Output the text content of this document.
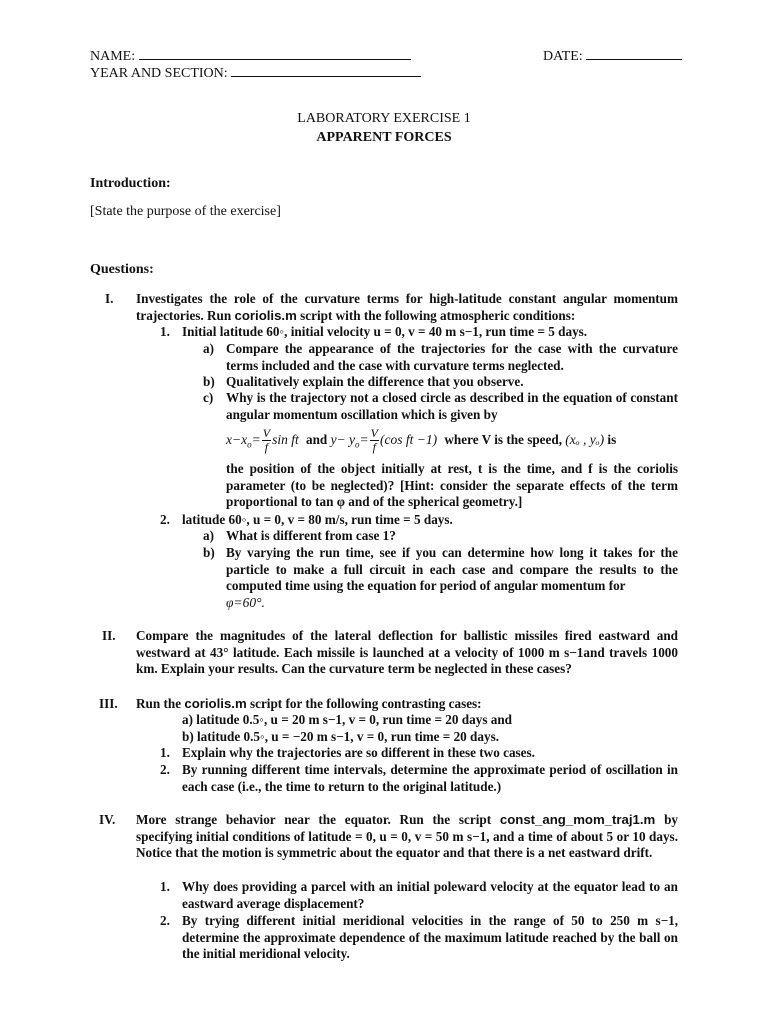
NAME:	DATE:
YEAR AND SECTION:
LABORATORY EXERCISE 1
APPARENT FORCES
Introduction:
[State the purpose of the exercise]
Questions:
I. Investigates the role of the curvature terms for high-latitude constant angular momentum trajectories. Run coriolis.m script with the following atmospheric conditions:
1. Initial latitude 60◦, initial velocity u = 0, v = 40 m s−1, run time = 5 days.
a) Compare the appearance of the trajectories for the case with the curvature terms included and the case with curvature terms neglected.
b) Qualitatively explain the difference that you observe.
c) Why is the trajectory not a closed circle as described in the equation of constant angular momentum oscillation which is given by
$x-x_o= \frac{V}{f}$ sin ft and $y- y_o= \frac{V}{f} (\cos$ ft −1) where V is the speed, (xₒ , yₒ) is
the position of the object initially at rest, t is the time, and f is the coriolis parameter (to be neglected)? [Hint: consider the separate effects of the term proportional to tan φ and of the spherical geometry.]
2. latitude 60◦, u = 0, v = 80 m/s, run time = 5 days.
a) What is different from case 1?
b) By varying the run time, see if you can determine how long it takes for the particle to make a full circuit in each case and compare the results to the computed time using the equation for period of angular momentum for
φ=60°.
II. Compare the magnitudes of the lateral deflection for ballistic missiles fired eastward and westward at 43° latitude. Each missile is launched at a velocity of 1000 m s−1and travels 1000 km. Explain your results. Can the curvature term be neglected in these cases?
III. Run the coriolis.m script for the following contrasting cases:
a) latitude 0.5◦, u = 20 m s−1, v = 0, run time = 20 days and
b) latitude 0.5◦, u = −20 m s−1, v = 0, run time = 20 days.
1. Explain why the trajectories are so different in these two cases.
2. By running different time intervals, determine the approximate period of oscillation in each case (i.e., the time to return to the original latitude.)
IV. More strange behavior near the equator. Run the script const_ang_mom_traj1.m by specifying initial conditions of latitude = 0, u = 0, v = 50 m s−1, and a time of about 5 or 10 days. Notice that the motion is symmetric about the equator and that there is a net eastward drift.
1. Why does providing a parcel with an initial poleward velocity at the equator lead to an eastward average displacement?
2. By trying different initial meridional velocities in the range of 50 to 250 m s−1, determine the approximate dependence of the maximum latitude reached by the ball on the initial meridional velocity.
